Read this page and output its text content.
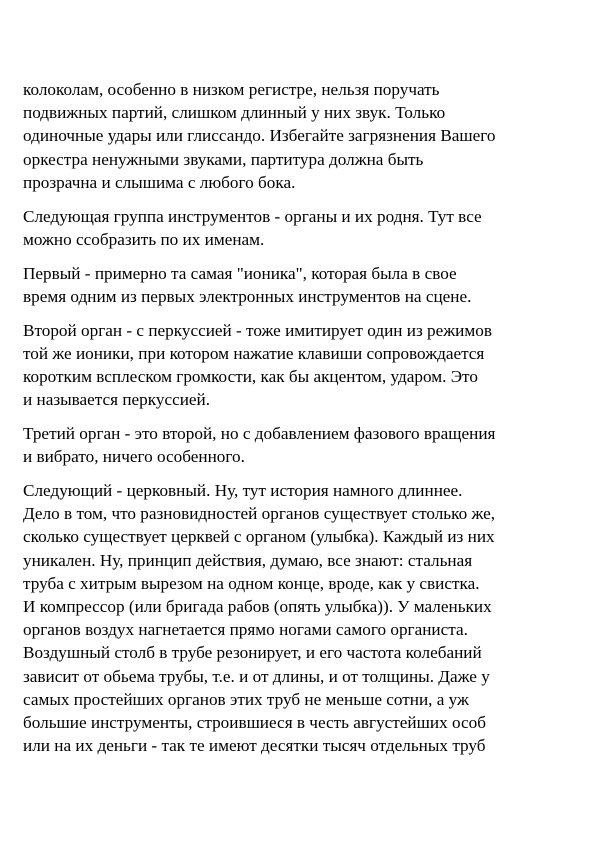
колоколам, особенно в низком регистре, нельзя поручать
подвижных партий, слишком длинный у них звук. Только
одиночные удары или глиссандо. Избегайте загрязнения Вашего
оркестра ненужными звуками, партитура должна быть
прозрачна и слышима с любого бока.

Следующая группа инструментов - органы и их родня. Тут все
можно ссобразить по их именам.

Первый - примерно та самая "ионика", которая была в свое
время одним из первых электронных инструментов на сцене.

Второй орган - с перкуссией - тоже имитирует один из режимов
той же ионики, при котором нажатие клавиши сопровождается
коротким всплеском громкости, как бы акцентом, ударом. Это
и называется перкуссией.

Третий орган - это второй, но с добавлением фазового вращения
и вибрато, ничего особенного.

Следующий - церковный. Ну, тут история намного длиннее.
Дело в том, что разновидностей органов существует столько же,
сколько существует церквей с органом (улыбка). Каждый из них
уникален. Ну, принцип действия, думаю, все знают: стальная
труба с хитрым вырезом на одном конце, вроде, как у свистка.
И компрессор (или бригада рабов (опять улыбка)). У маленьких
органов воздух нагнетается прямо ногами самого органиста.
Воздушный столб в трубе резонирует, и его частота колебаний
зависит от обьема трубы, т.е. и от длины, и от толщины. Даже у
самых простейших органов этих труб не меньше сотни, а уж
большие инструменты, строившиеся в честь августейших особ
или на их деньги - так те имеют десятки тысяч отдельных труб
